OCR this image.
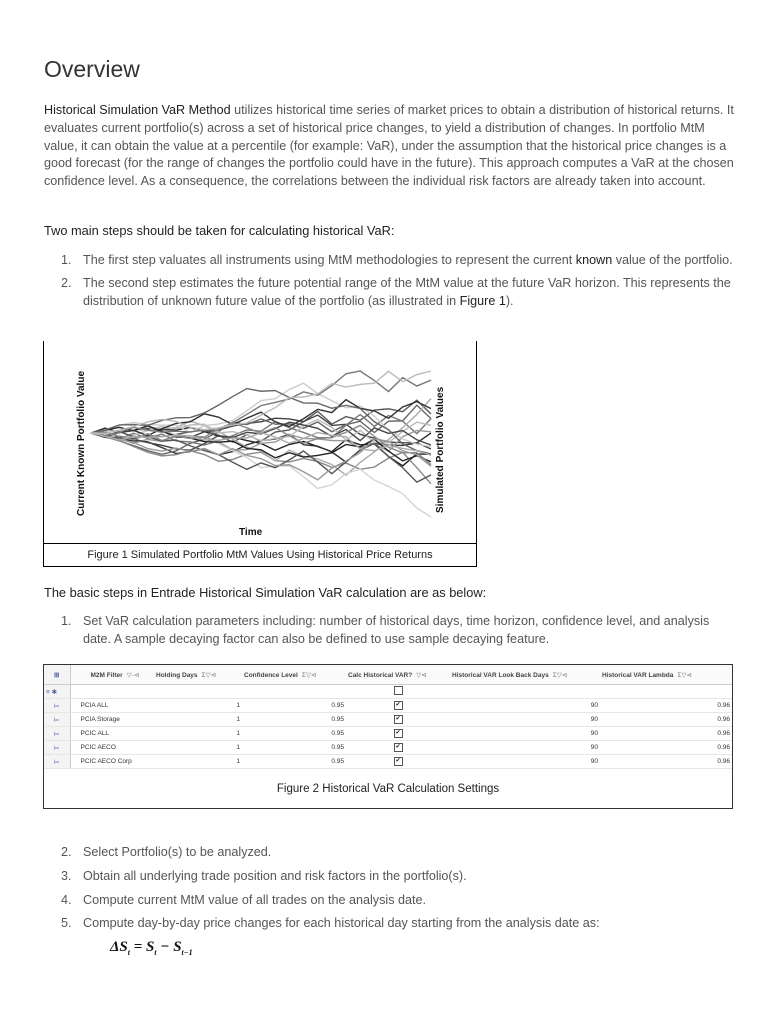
Overview

Historical Simulation VaR Method utilizes historical time series of market prices to obtain a distribution of historical returns. It evaluates current portfolio(s) across a set of historical price changes, to yield a distribution of changes. In portfolio MtM value, it can obtain the value at a percentile (for example: VaR), under the assumption that the historical price changes is a good forecast (for the range of changes the portfolio could have in the future). This approach computes a VaR at the chosen confidence level. As a consequence, the correlations between the individual risk factors are already taken into account.

Two main steps should be taken for calculating historical VaR:

1. The first step valuates all instruments using MtM methodologies to represent the current known value of the portfolio.
2. The second step estimates the future potential range of the MtM value at the future VaR horizon. This represents the distribution of unknown future value of the portfolio (as illustrated in Figure 1).
Current Known Portfolio Value	Simulated Portfolio Values
Time
Figure 1 Simulated Portfolio MtM Values Using Historical Price Returns

The basic steps in Entrade Historical Simulation VaR calculation are as below:

1. Set VaR calculation parameters including: number of historical days, time horizon, confidence level, and analysis date. A sample decaying factor can also be defined to use sample decaying feature.
⊞	M2M Filter ▽-⊲	Holding Days Σ▽⊲	Confidence Level Σ▽⊲	Calc Historical VAR? ▽⊲	Historical VAR Look Back Days Σ▽⊲	Historical VAR Lambda Σ▽⊲
≡ ✱						
⊨	PCIA ALL	1	0.95	✔	90	0.96
⊨	PCIA Storage	1	0.95	✔	90	0.96
⊨	PCIC ALL	1	0.95	✔	90	0.96
⊨	PCIC AECO	1	0.95	✔	90	0.96
⊨	PCIC AECO Corp	1	0.95	✔	90	0.96
Figure 2 Historical VaR Calculation Settings
2. Select Portfolio(s) to be analyzed.
3. Obtain all underlying trade position and risk factors in the portfolio(s).
4. Compute current MtM value of all trades on the analysis date.
5. Compute day-by-day price changes for each historical day starting from the analysis date as:
$\Delta S_t = S_t - S_{t-1}$
